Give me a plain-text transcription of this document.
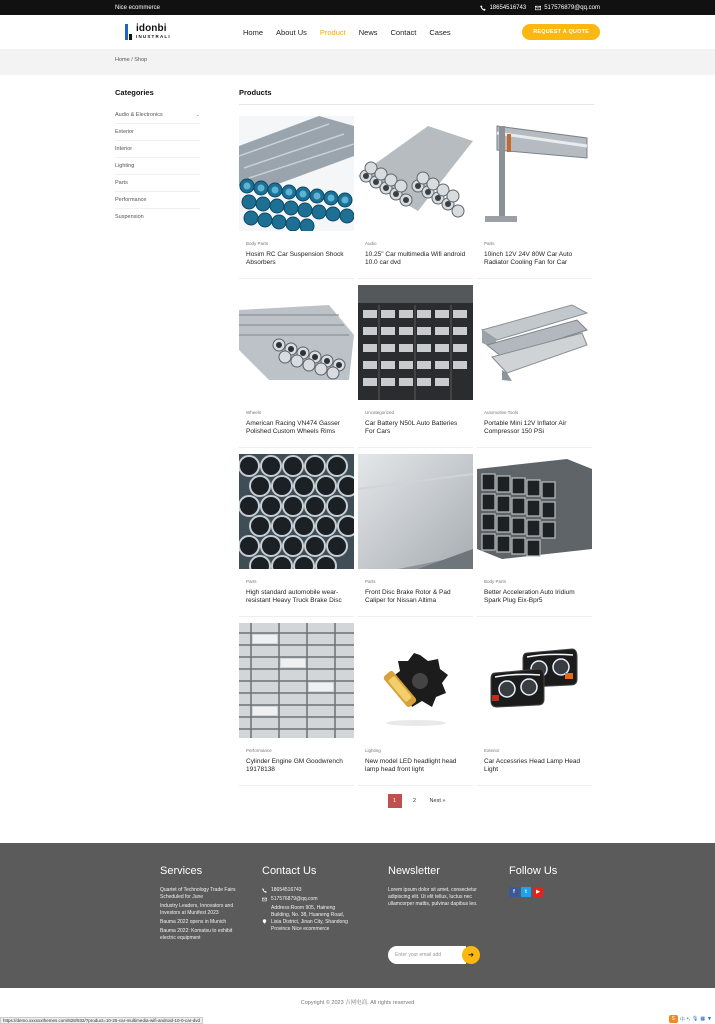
Nice ecommerce	18654516743	517576879@qq.com
idonbi
INUSTRALI
Home About Us Product News Contact Cases	REQUEST A QUOTE
Home / Shop
Categories
Audio & Electronics	⌄
Exterior
Interior
Lighting
Parts
Performance
Suspension
Products
Body Parts
Hosim RC Car Suspension Shock Absorbers
Audio
10.25" Car multimedia Wifi android 10.0 car dvd
Parts
10inch 12V 24V 80W Car Auto Radiator Cooling Fan for Car
Wheels
American Racing VN474 Gasser Polished Custom Wheels Rims
Uncategorized
Car Battery N50L Auto Batteries For Cars
Automotive Tools
Portable Mini 12V Inflator Air Compressor 150 PSi
Parts
High standard automobile wear-resistant Heavy Truck Brake Disc
Parts
Front Disc Brake Rotor & Pad Caliper for Nissan Altima
Body Parts
Better Acceleration Auto Iridium Spark Plug Eix-Bpr5
Performance
Cylinder Engine GM Goodwrench 19178138
Lighting
New model LED headlight head lamp head front light
Exterior
Car Accessries Head Lamp Head Light
1	2	Next »
Services

Quartet of Technology Trade Fairs Scheduled for June

Industry Leaders, Innovators and Investors at Munifest 2023

Bauma 2022 opens in Munich

Bauma 2022: Komatsu to exhibit electric equipment

Contact Us
18654516743
517576879@qq.com
Address:Room 905, Haineng Building, No. 38, Huaneng Road, Lixia District, Jinan City, Shandong Province Nice ecommerce
Newsletter
Lorem ipsum dolor sit amet, consectetur adipiscing elit. Ut elit tellus, luctus nec ullamcorper mattis, pulvinar dapibus leo.
Enter your email add	➔
Follow Us
f	t	▶
Copyright © 2023 吉网电商. All rights reserved
https://demo.xxxxxxthemes.com/828/932/?product=10-25-car-multimedia-wifi-android-10-0-car-dvd	S 中 •, 🎙 ▦ ▼
